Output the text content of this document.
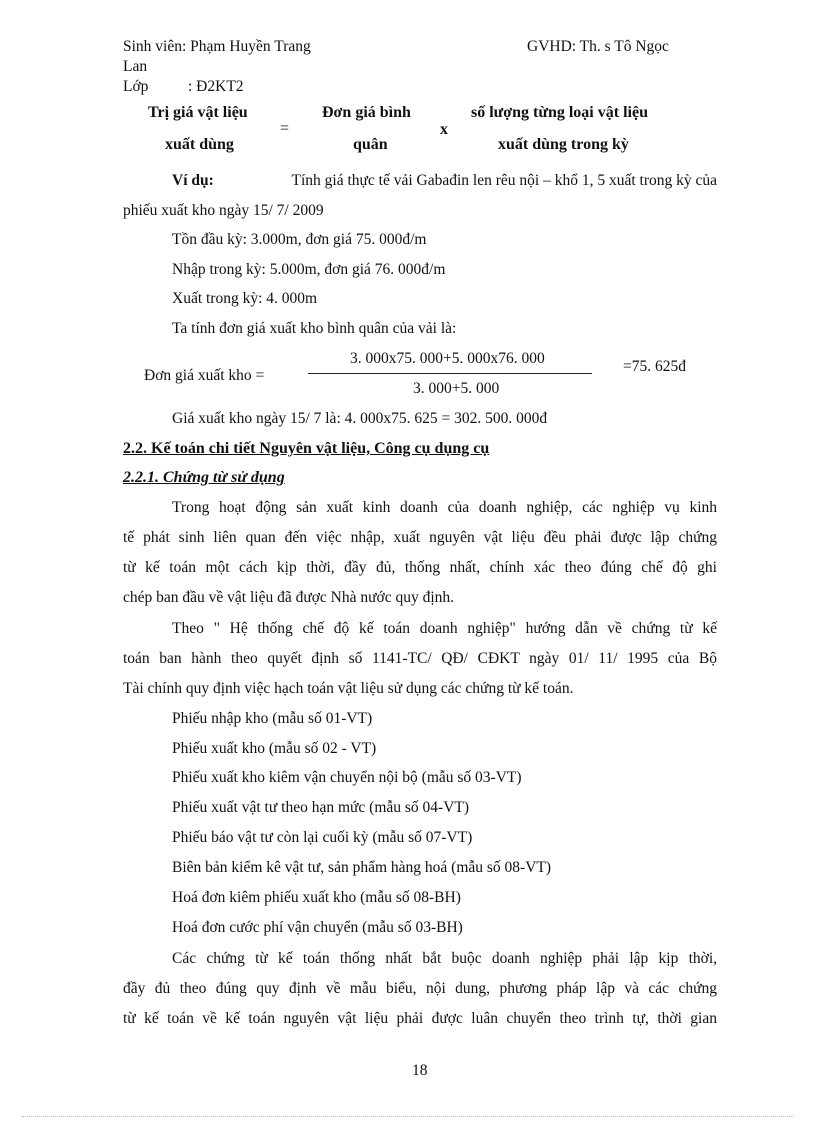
Sinh viên: Phạm Huyền Trang	GVHD: Th. s Tô Ngọc
Lan
Lớp	: Đ2KT2
Trị giá vật liệu
xuất dùng
=
Đơn giá bình
quân
x
số lượng từng loại vật liệu
xuất dùng trong kỳ
Ví dụ:	Tính giá thực tế vải Gabađin len rêu nội – khổ 1, 5 xuất trong kỳ của
phiếu xuất kho ngày 15/ 7/ 2009
Tồn đầu kỳ: 3.000m, đơn giá 75. 000đ/m
Nhập trong kỳ: 5.000m, đơn giá 76. 000đ/m
Xuất trong kỳ: 4. 000m
Ta tính đơn giá xuất kho bình quân của vải là:
Đơn giá xuất kho =
3. 000x75. 000+5. 000x76. 000
3. 000+5. 000
=75. 625đ
Giá xuất kho ngày 15/ 7 là: 4. 000x75. 625 = 302. 500. 000đ
2.2. Kế toán chi tiết Nguyên vật liệu, Công cụ dụng cụ
2.2.1. Chứng từ sử dụng
Trong hoạt động sản xuất kinh doanh của doanh nghiệp, các nghiệp vụ kinh
tế phát sinh liên quan đến việc nhập, xuất nguyên vật liệu đều phải được lập chứng
từ kế toán một cách kịp thời, đầy đủ, thống nhất, chính xác theo đúng chế độ ghi
chép ban đầu về vật liệu đã được Nhà nước quy định.
Theo " Hệ thống chế độ kế toán doanh nghiệp" hướng dẫn về chứng từ kế
toán ban hành theo quyết định số 1141-TC/ QĐ/ CĐKT ngày 01/ 11/ 1995 của Bộ
Tài chính quy định việc hạch toán vật liệu sử dụng các chứng từ kế toán.
Phiếu nhập kho (mẫu số 01-VT)
Phiếu xuất kho (mẫu số 02 - VT)
Phiếu xuất kho kiêm vận chuyển nội bộ (mẫu số 03-VT)
Phiếu xuất vật tư theo hạn mức (mẫu số 04-VT)
Phiếu báo vật tư còn lại cuối kỳ (mẫu số 07-VT)
Biên bản kiểm kê vật tư, sản phẩm hàng hoá (mẫu số 08-VT)
Hoá đơn kiêm phiếu xuất kho (mẫu số 08-BH)
Hoá đơn cước phí vận chuyển (mẫu số 03-BH)
Các chứng từ kế toán thống nhất bắt buộc doanh nghiệp phải lập kịp thời,
đầy đủ theo đúng quy định về mẫu biểu, nội dung, phương pháp lập và các chứng
từ kế toán về kế toán nguyên vật liệu phải được luân chuyển theo trình tự, thời gian
18
